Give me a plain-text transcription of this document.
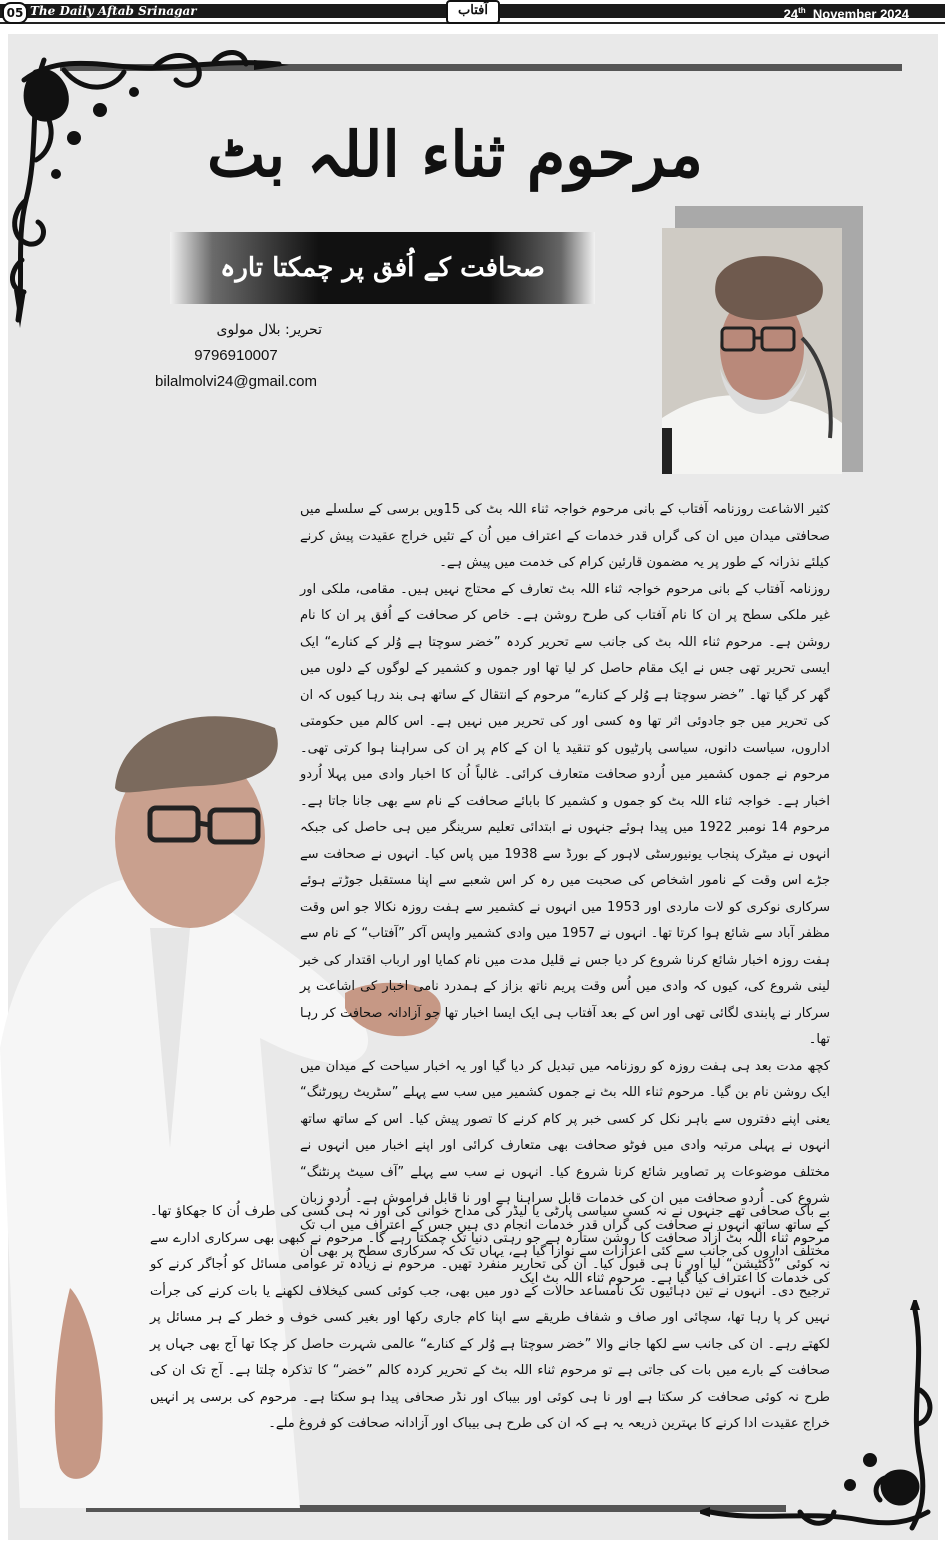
05 The Daily Aftab Srinagar	آفتاب	24th November 2024
مرحوم ثناء اللہ بٹ
صحافت کے اُفق پر چمکتا تارہ
تحریر: بلال مولوی
9796910007
bilalmolvi24@gmail.com

کثیر الاشاعت روزنامہ آفتاب کے بانی مرحوم خواجہ ثناء اللہ بٹ کی 15ویں برسی کے سلسلے میں صحافتی میدان میں ان کی گراں قدر خدمات کے اعتراف میں اُن کے تئیں خراج عقیدت پیش کرنے کیلئے نذرانہ کے طور پر یہ مضمون قارئین کرام کی خدمت میں پیش ہے۔

روزنامہ آفتاب کے بانی مرحوم خواجہ ثناء اللہ بٹ تعارف کے محتاج نہیں ہیں۔ مقامی، ملکی اور غیر ملکی سطح پر ان کا نام آفتاب کی طرح روشن ہے۔ خاص کر صحافت کے اُفق پر ان کا نام روشن ہے۔ مرحوم ثناء اللہ بٹ کی جانب سے تحریر کردہ ”خضر سوچتا ہے وُلر کے کنارے“ ایک ایسی تحریر تھی جس نے ایک مقام حاصل کر لیا تھا اور جموں و کشمیر کے لوگوں کے دلوں میں گھر کر گیا تھا۔ ”خضر سوچتا ہے وُلر کے کنارے“ مرحوم کے انتقال کے ساتھ ہی بند رہا کیوں کہ ان کی تحریر میں جو جادوئی اثر تھا وہ کسی اور کی تحریر میں نہیں ہے۔ اس کالم میں حکومتی اداروں، سیاست دانوں، سیاسی پارٹیوں کو تنقید یا ان کے کام پر ان کی سراہنا ہوا کرتی تھی۔ مرحوم نے جموں کشمیر میں اُردو صحافت متعارف کرائی۔ غالباً اُن کا اخبار وادی میں پہلا اُردو اخبار ہے۔ خواجہ ثناء اللہ بٹ کو جموں و کشمیر کا بابائے صحافت کے نام سے بھی جانا جاتا ہے۔ مرحوم 14 نومبر 1922 میں پیدا ہوئے جنہوں نے ابتدائی تعلیم سرینگر میں ہی حاصل کی جبکہ انہوں نے میٹرک پنجاب یونیورسٹی لاہور کے بورڈ سے 1938 میں پاس کیا۔ انہوں نے صحافت سے جڑے اس وقت کے نامور اشخاص کی صحبت میں رہ کر اس شعبے سے اپنا مستقبل جوڑتے ہوئے سرکاری نوکری کو لات ماردی اور 1953 میں انہوں نے کشمیر سے ہفت روزہ نکالا جو اس وقت مظفر آباد سے شائع ہوا کرتا تھا۔ انہوں نے 1957 میں وادی کشمیر واپس آکر ”آفتاب“ کے نام سے ہفت روزہ اخبار شائع کرنا شروع کر دیا جس نے قلیل مدت میں نام کمایا اور ارباب اقتدار کی خبر لینی شروع کی، کیوں کہ وادی میں اُس وقت پریم ناتھ بزاز کے ہمدرد نامی اخبار کی اشاعت پر سرکار نے پابندی لگائی تھی اور اس کے بعد آفتاب ہی ایک ایسا اخبار تھا جو آزادانہ صحافت کر رہا تھا۔

کچھ مدت بعد ہی ہفت روزہ کو روزنامہ میں تبدیل کر دیا گیا اور یہ اخبار سیاحت کے میدان میں ایک روشن نام بن گیا۔ مرحوم ثناء اللہ بٹ نے جموں کشمیر میں سب سے پہلے ”سٹریٹ رپورٹنگ“ یعنی اپنے دفتروں سے باہر نکل کر کسی خبر پر کام کرنے کا تصور پیش کیا۔ اس کے ساتھ ساتھ انہوں نے پہلی مرتبہ وادی میں فوٹو صحافت بھی متعارف کرائی اور اپنے اخبار میں انہوں نے مختلف موضوعات پر تصاویر شائع کرنا شروع کیا۔ انہوں نے سب سے پہلے ”آف سیٹ پرنٹنگ“ شروع کی۔ اُردو صحافت میں ان کی خدمات قابل سراہنا ہے اور نا قابل فراموش ہے۔ اُردو زبان کے ساتھ ساتھ انہوں نے صحافت کی گراں قدر خدمات انجام دی ہیں جس کے اعتراف میں اب تک مختلف اداروں کی جانب سے کئی اعزازات سے نوازا گیا ہے، یہاں تک کہ سرکاری سطح پر بھی ان کی خدمات کا اعتراف کیا گیا ہے۔ مرحوم ثناء اللہ بٹ ایک

بے باک صحافی تھے جنہوں نے نہ کسی سیاسی پارٹی یا لیڈر کی مداح خوانی کی اور نہ ہی کسی کی طرف اُن کا جھکاؤ تھا۔ مرحوم ثناء اللہ بٹ آزاد صحافت کا روشن ستارہ ہے جو رہتی دنیا تک چمکتا رہے گا۔ مرحوم نے کبھی بھی سرکاری ادارے سے نہ کوئی ”ڈکٹیشن“ لیا اور نا ہی قبول کیا۔ ان کی تحاریر منفرد تھیں۔ مرحوم نے زیادہ تر عوامی مسائل کو اُجاگر کرنے کو ترجیح دی۔ انہوں نے تین دہائیوں تک نامساعد حالات کے دور میں بھی، جب کوئی کسی کیخلاف لکھنے یا بات کرنے کی جرأت نہیں کر پا رہا تھا، سچائی اور صاف و شفاف طریقے سے اپنا کام جاری رکھا اور بغیر کسی خوف و خطر کے ہر مسائل پر لکھتے رہے۔ ان کی جانب سے لکھا جانے والا ”خضر سوچتا ہے وُلر کے کنارے“ عالمی شہرت حاصل کر چکا تھا آج بھی جہاں پر صحافت کے بارے میں بات کی جاتی ہے تو مرحوم ثناء اللہ بٹ کے تحریر کردہ کالم ”خضر“ کا تذکرہ چلتا ہے۔ آج تک ان کی طرح نہ کوئی صحافت کر سکتا ہے اور نا ہی کوئی اور بیباک اور نڈر صحافی پیدا ہو سکتا ہے۔ مرحوم کی برسی پر انہیں خراج عقیدت ادا کرنے کا بہترین ذریعہ یہ ہے کہ ان کی طرح ہی بیباک اور آزادانہ صحافت کو فروغ ملے۔
